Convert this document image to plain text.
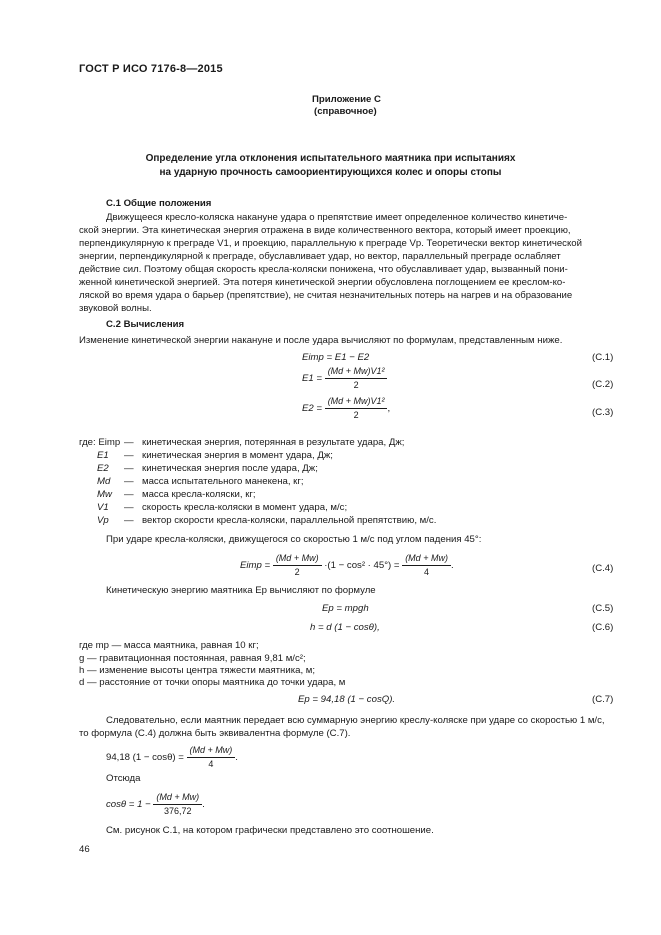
ГОСТ Р ИСО 7176-8—2015
Приложение С
(справочное)
Определение угла отклонения испытательного маятника при испытаниях
на ударную прочность самоориентирующихся колес и опоры стопы
С.1 Общие положения
Движущееся кресло-коляска накануне удара о препятствие имеет определенное количество кинетиче-
ской энергии. Эта кинетическая энергия отражена в виде количественного вектора, который имеет проекцию,
перпендикулярную к преграде V1, и проекцию, параллельную к преграде Vp. Теоретически вектор кинетической
энергии, перпендикулярной к преграде, обуславливает удар, но вектор, параллельный преграде ослабляет
действие сил. Поэтому общая скорость кресла-коляски понижена, что обуславливает удар, вызванный пони-
женной кинетической энергией. Эта потеря кинетической энергии обусловлена поглощением ее креслом-ко-
ляской во время удара о барьер (препятствие), не считая незначительных потерь на нагрев и на образование
звуковой волны.
С.2 Вычисления
Изменение кинетической энергии накануне и после удара вычисляют по формулам, представленным ниже.
Eimp = E1 − E2	(С.1)
$E1 = \frac{\text{(Md + Mw)V1²}}{2}$	(С.2)
$E2 = \frac{\text{(Md + Mw)V1²}}{2}$ ,	(С.3)
где: Eimp — кинетическая энергия, потерянная в результате удара, Дж;
E1 — кинетическая энергия в момент удара, Дж;
E2 — кинетическая энергия после удара, Дж;
Md — масса испытательного манекена, кг;
Mw — масса кресла-коляски, кг;
V1 — скорость кресла-коляски в момент удара, м/с;
Vp — вектор скорости кресла-коляски, параллельной препятствию, м/с.
При ударе кресла-коляски, движущегося со скоростью 1 м/с под углом падения 45°:
Eimp = $\frac{(Md + Mw)}{2} \cdot(1 - \cos^2 \cdot 45^\circ) = \frac{(Md + Mw)}{4}$ .	(С.4)
Кинетическую энергию маятника Ep вычисляют по формуле
Ep = mpgh	(С.5)
h = d (1 − cosθ),	(С.6)
где mp — масса маятника, равная 10 кг;
g — гравитационная постоянная, равная 9,81 м/с²;
h — изменение высоты центра тяжести маятника, м;
d — расстояние от точки опоры маятника до точки удара, м
Ep = 94,18 (1 − cosQ).	(С.7)
Следовательно, если маятник передает всю суммарную энергию креслу-коляске при ударе со скоростью 1 м/с,
то формула (С.4) должна быть эквивалентна формуле (С.7).
94,18 $(1 - \cos\theta) = \frac{(Md + Mw)}{4}$ .
Отсюда
$\cos\theta = 1 - \frac{(Md + Mw)}{376,72}$ .
См. рисунок С.1, на котором графически представлено это соотношение.
46
